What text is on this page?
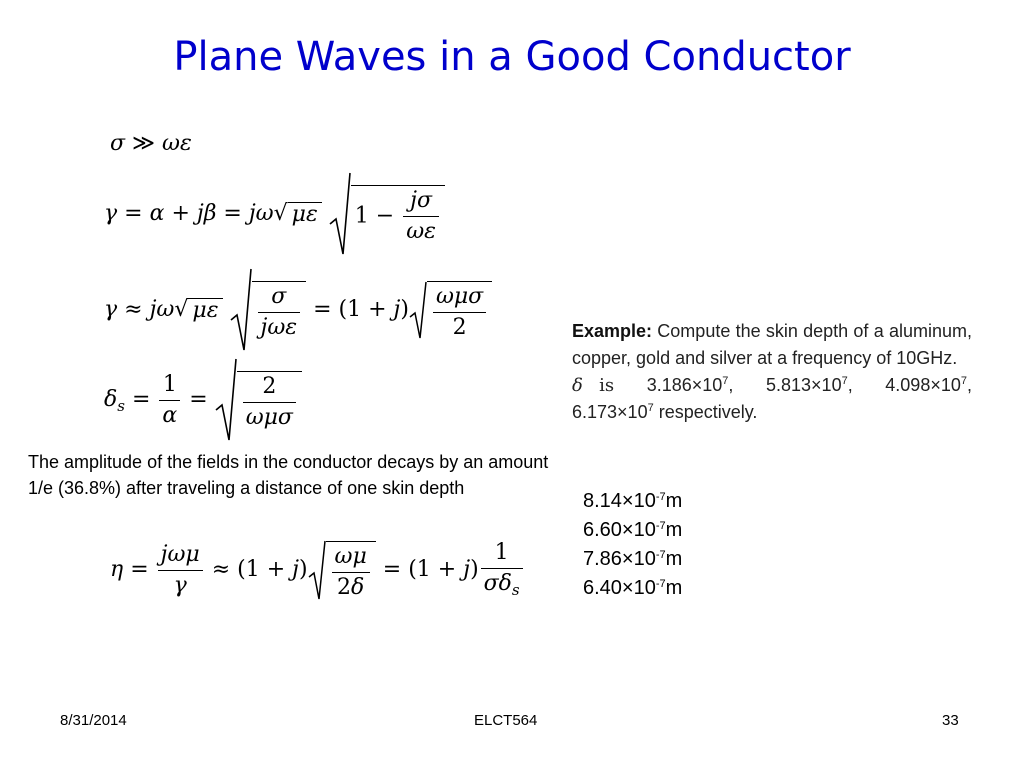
Plane Waves in a Good Conductor
σ ≫ ωε
γ = α + jβ = jω√ με $1 - \frac{j\sigma}{\omega\varepsilon}$
γ ≈ jω√ με $\frac{\sigma}{\text{jωε}} = (1 + j) \frac{\text{ωμσ}}{2}$
$\delta_s = \frac{1}{\alpha} = \frac{2}{\text{ωμσ}}$
The amplitude of the fields in the conductor decays by an amount 1/e (36.8%) after traveling a distance of one skin depth
$\eta = \frac{\text{jωμ}}{\gamma} \approx (1 + j) \frac{\omega\mu}{2\delta} = (1 + j) \frac{1}{\sigma\delta_s}$
Example: Compute the skin depth of a aluminum, copper, gold and silver at a frequency of 10GHz.
δ is $3.186\times 10^7$,  $5.813\times 10^7$,  $4.098\times 10^7$, $6.173\times 10^7$ respectively.
$8.14\times 10^{-7}m$
$6.60\times 10^{-7}m$
$7.86\times 10^{-7}m$
$6.40\times 10^{-7}m$
8/31/2014	ELCT564	33
